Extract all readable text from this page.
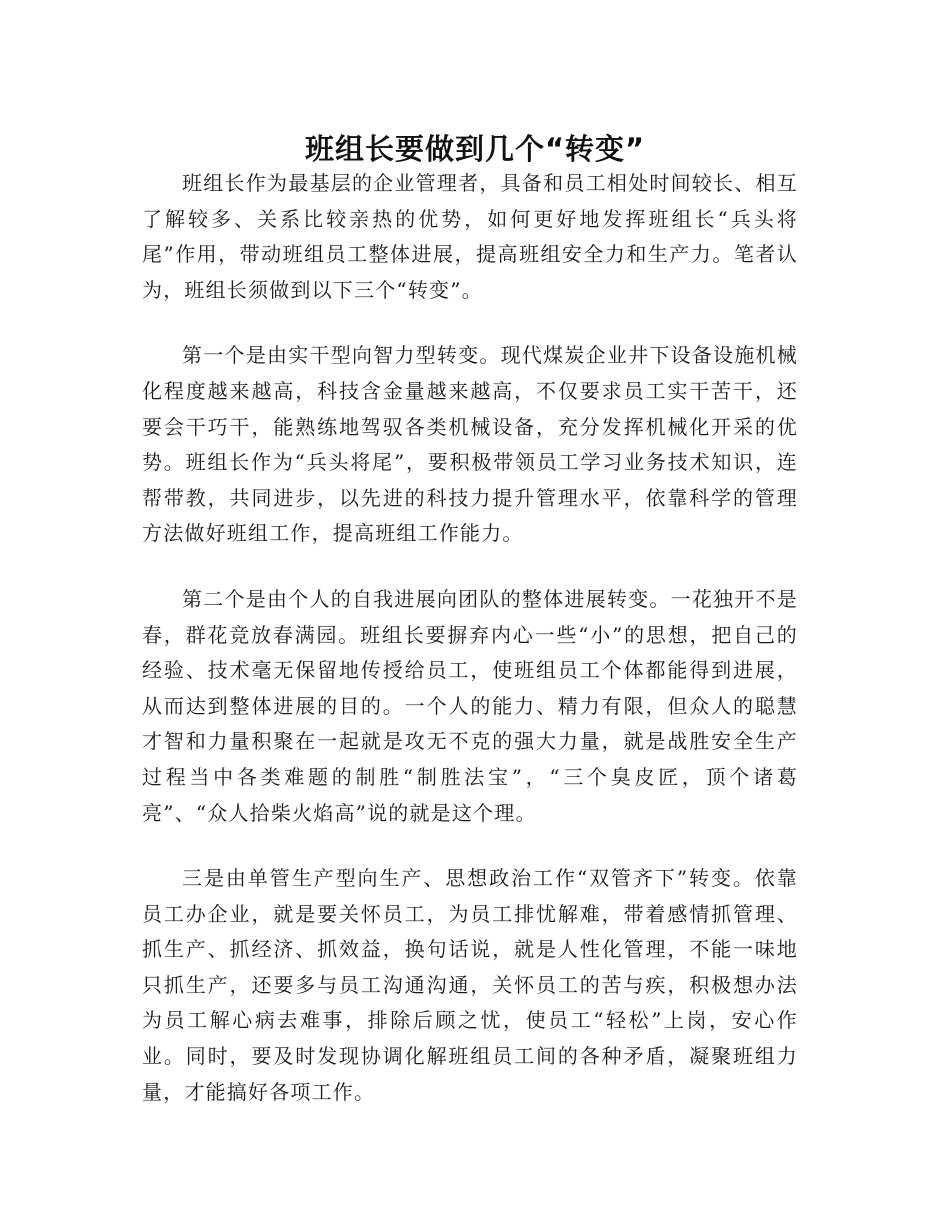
班组长要做到几个“转变”

班组长作为最基层的企业管理者，具备和员工相处时间较长、相互了解较多、关系比较亲热的优势，如何更好地发挥班组长“兵头将尾”作用，带动班组员工整体进展，提高班组安全力和生产力。笔者认为，班组长须做到以下三个“转变”。

第一个是由实干型向智力型转变。现代煤炭企业井下设备设施机械化程度越来越高，科技含金量越来越高，不仅要求员工实干苦干，还要会干巧干，能熟练地驾驭各类机械设备，充分发挥机械化开采的优势。班组长作为“兵头将尾”，要积极带领员工学习业务技术知识，连帮带教，共同进步，以先进的科技力提升管理水平，依靠科学的管理方法做好班组工作，提高班组工作能力。

第二个是由个人的自我进展向团队的整体进展转变。一花独开不是春，群花竞放春满园。班组长要摒弃内心一些“小”的思想，把自己的经验、技术毫无保留地传授给员工，使班组员工个体都能得到进展，从而达到整体进展的目的。一个人的能力、精力有限，但众人的聪慧才智和力量积聚在一起就是攻无不克的强大力量，就是战胜安全生产过程当中各类难题的制胜“制胜法宝”，“三个臭皮匠，顶个诸葛亮”、“众人拾柴火焰高”说的就是这个理。

三是由单管生产型向生产、思想政治工作“双管齐下”转变。依靠员工办企业，就是要关怀员工，为员工排忧解难，带着感情抓管理、抓生产、抓经济、抓效益，换句话说，就是人性化管理，不能一味地只抓生产，还要多与员工沟通沟通，关怀员工的苦与疾，积极想办法为员工解心病去难事，排除后顾之忧，使员工“轻松”上岗，安心作业。同时，要及时发现协调化解班组员工间的各种矛盾，凝聚班组力量，才能搞好各项工作。
